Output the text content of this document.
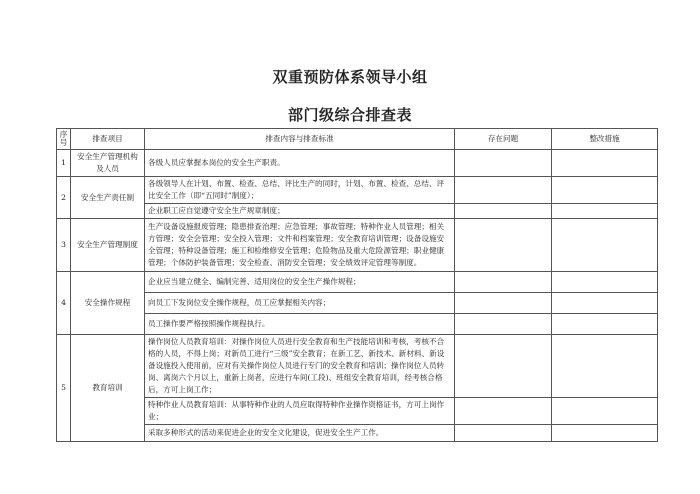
双重预防体系领导小组
部门级综合排查表
序号	排查项目	排查内容与排查标准	存在问题	整改措施
1	安全生产管理机构及人员	各级人员应掌握本岗位的安全生产职责。		
2	安全生产责任制	各级领导人在计划、布置、检查、总结、评比生产的同时，计划、布置、检查、总结、评比安全工作（即“五同时”制度）；		
		企业职工应自觉遵守安全生产规章制度；		
3	安全生产管理制度	生产设备设施报废管理；隐患排查治理；应急管理；事故管理；特种作业人员管理；相关方管理；安全会管理；安全投入管理；文件和档案管理；安全教育培训管理；设备设施安全管理；特种设备管理；施工和检维修安全管理；危险物品及重大危险源管理；职业健康管理；个体防护装备管理；安全检查、消防安全管理；安全绩效评定管理等制度。		
4	安全操作规程	企业应当建立健全、编制完善、适用岗位的安全生产操作规程；		
		向员工下发岗位安全操作规程，员工应掌握相关内容；		
		员工操作要严格按照操作规程执行。		
5	教育培训	操作岗位人员教育培训：对操作岗位人员进行安全教育和生产技能培训和考核，考核不合格的人员，不得上岗；对新员工进行“三级”安全教育；在新工艺、新技术、新材料、新设备设施投入使用前，应对有关操作岗位人员进行专门的安全教育和培训；操作岗位人员转岗、离岗六个月以上，重新上岗者，应进行车间(工段)、班组安全教育培训，经考核合格后，方可上岗工作；		
		特种作业人员教育培训：从事特种作业的人员应取得特种作业操作资格证书，方可上岗作业；		
		采取多种形式的活动来促进企业的安全文化建设，促进安全生产工作。		
